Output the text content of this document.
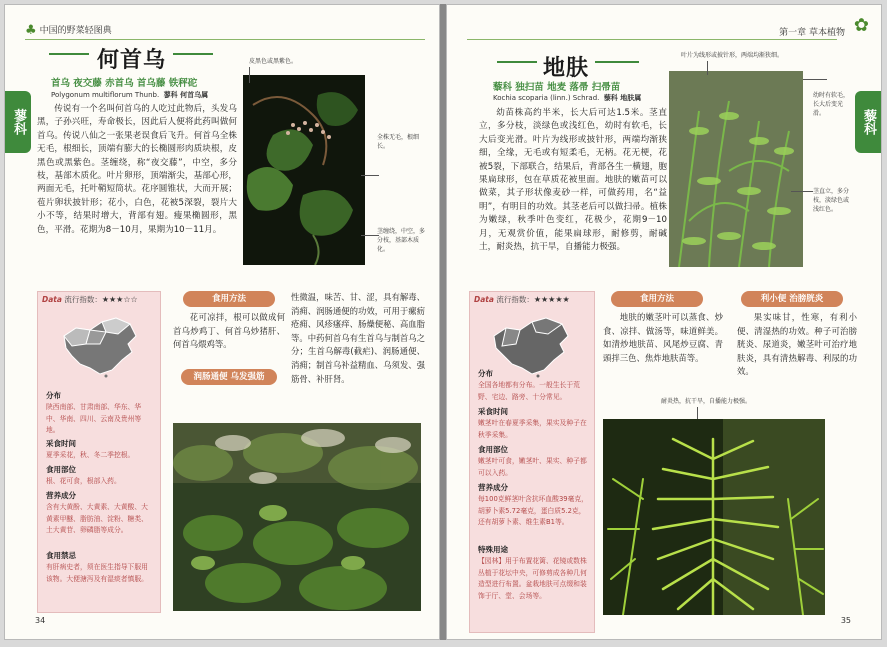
♣ 中国的野菜轻图典
蓼科
何首乌
首乌 夜交藤 赤首乌 首乌藤 铁秤砣
Polygonum multiflorum Thunb. 蓼科 何首乌属

传说有一个名叫何首乌的人吃过此物后，头发乌黑，子孙兴旺，寿命极长，因此后人便将此药叫做何首乌。传说八仙之一张果老误食后飞升。何首乌全株无毛，根细长，顶端有膨大的长椭圆形肉质块根，皮黑色或黑紫色。茎缠绕，称“夜交藤”，中空，多分枝，基部木质化。叶片卵形，顶端渐尖，基部心形，两面无毛，托叶鞘短筒状。花序圆锥状，大而开展；苞片卵状披针形；花小，白色，花被5深裂，裂片大小不等，结果时增大，背部有翅。瘦果椭圆形，黑色，平滑。花期为8－10月，果期为10－11月。

皮黑色或黑紫色。
全株无毛，根细长。
茎缠绕，中空，多分枝，基部木质化。
Data 流行指数：★★★☆☆
分布

陕西南部、甘肃南部、华东、华中、华南、四川、云南及贵州等地。

采食时间

夏季采花，秋、冬二季挖根。

食用部位

根、花可食，根部入药。

营养成分

含有大黄酚、大黄素、大黄酸、大黄素甲醚、脂肪油、淀粉、糖类、土大黄苷、卵磷脂等成分。

食用禁忌

有肝病史者，须在医生指导下服用该物。大便溏泻及有湿痰者慎服。

食用方法

花可凉拌，根可以做成何首乌炒鸡丁、何首乌炒猪肝、何首乌煨鸡等。

润肠通便 乌发强筋

性微温，味苦、甘、涩，具有解毒、消痈、润肠通便的功效，可用于瘰疬疮痈、风疹瘙痒、肠燥便秘、高血脂等。中药何首乌有生首乌与制首乌之分；生首乌解毒(截疟)、润肠通便、消痈；制首乌补益精血、乌须发、强筋骨、补肝肾。

34
第一章 草本植物 ✿
藜科
地肤
藜科 独扫苗 地麦 落帚 扫帚苗
Kochia scoparia (linn.) Schrad. 藜科 地肤属

幼苗株高约半米，长大后可达1.5米。茎直立，多分枝，淡绿色或浅红色，幼时有软毛，长大后变光滑。叶片为线形或披针形，两端均渐狭细，全缘，无毛或有短柔毛，无柄。花无梗，花被5裂，下部联合，结果后，背部各生一横翅，胞果扁球形，包在草质花被里面。地肤的嫩苗可以做菜，其子形状像麦砂一样，可做药用，名“益明”，有明目的功效。其茎老后可以做扫帚。植株为嫩绿，秋季叶色变红，花极少，花期9－10月，无观赏价值，能果扁球形，耐修剪，耐碱土，耐炎热，抗干旱，自播能力极强。

叶片为线形或披针形，两端均渐狭细。
幼时有软毛，长大后变光滑。
茎直立，多分枝，淡绿色或浅红色。
Data 流行指数：★★★★★
分布

全国各地都有分布。一般生长于荒野、宅边、路旁、十分常见。

采食时间

嫩茎叶在春夏季采集，果实及种子在秋季采集。

食用部位

嫩茎叶可食，嫩茎叶、果实、种子都可以入药。

营养成分

每100克鲜茎叶含抗坏血酸39毫克，胡萝卜素5.72毫克，蛋白质5.2克，还有胡萝卜素、维生素B1等。

特殊用途

【园林】用于布置花篱、花镜或数株丛植于花坛中央，可修剪成各种几何造型进行布置。盆栽地肤可点缀和装饰于厅、堂、会场等。

食用方法

地肤的嫩茎叶可以蒸食、炒食、凉拌、做汤等，味道鲜美。如清炒地肤苗、风尾炒豆腐、青頭拌三色、焦炸地肤苗等。

利小便 治膀胱炎

果实味甘，性寒，有利小便、清湿热的功效。种子可治膀胱炎、尿道炎，嫩茎叶可治疗地肤炎，具有清热解毒、利尿的功效。

耐炎热，抗干旱，自播能力极强。
35
